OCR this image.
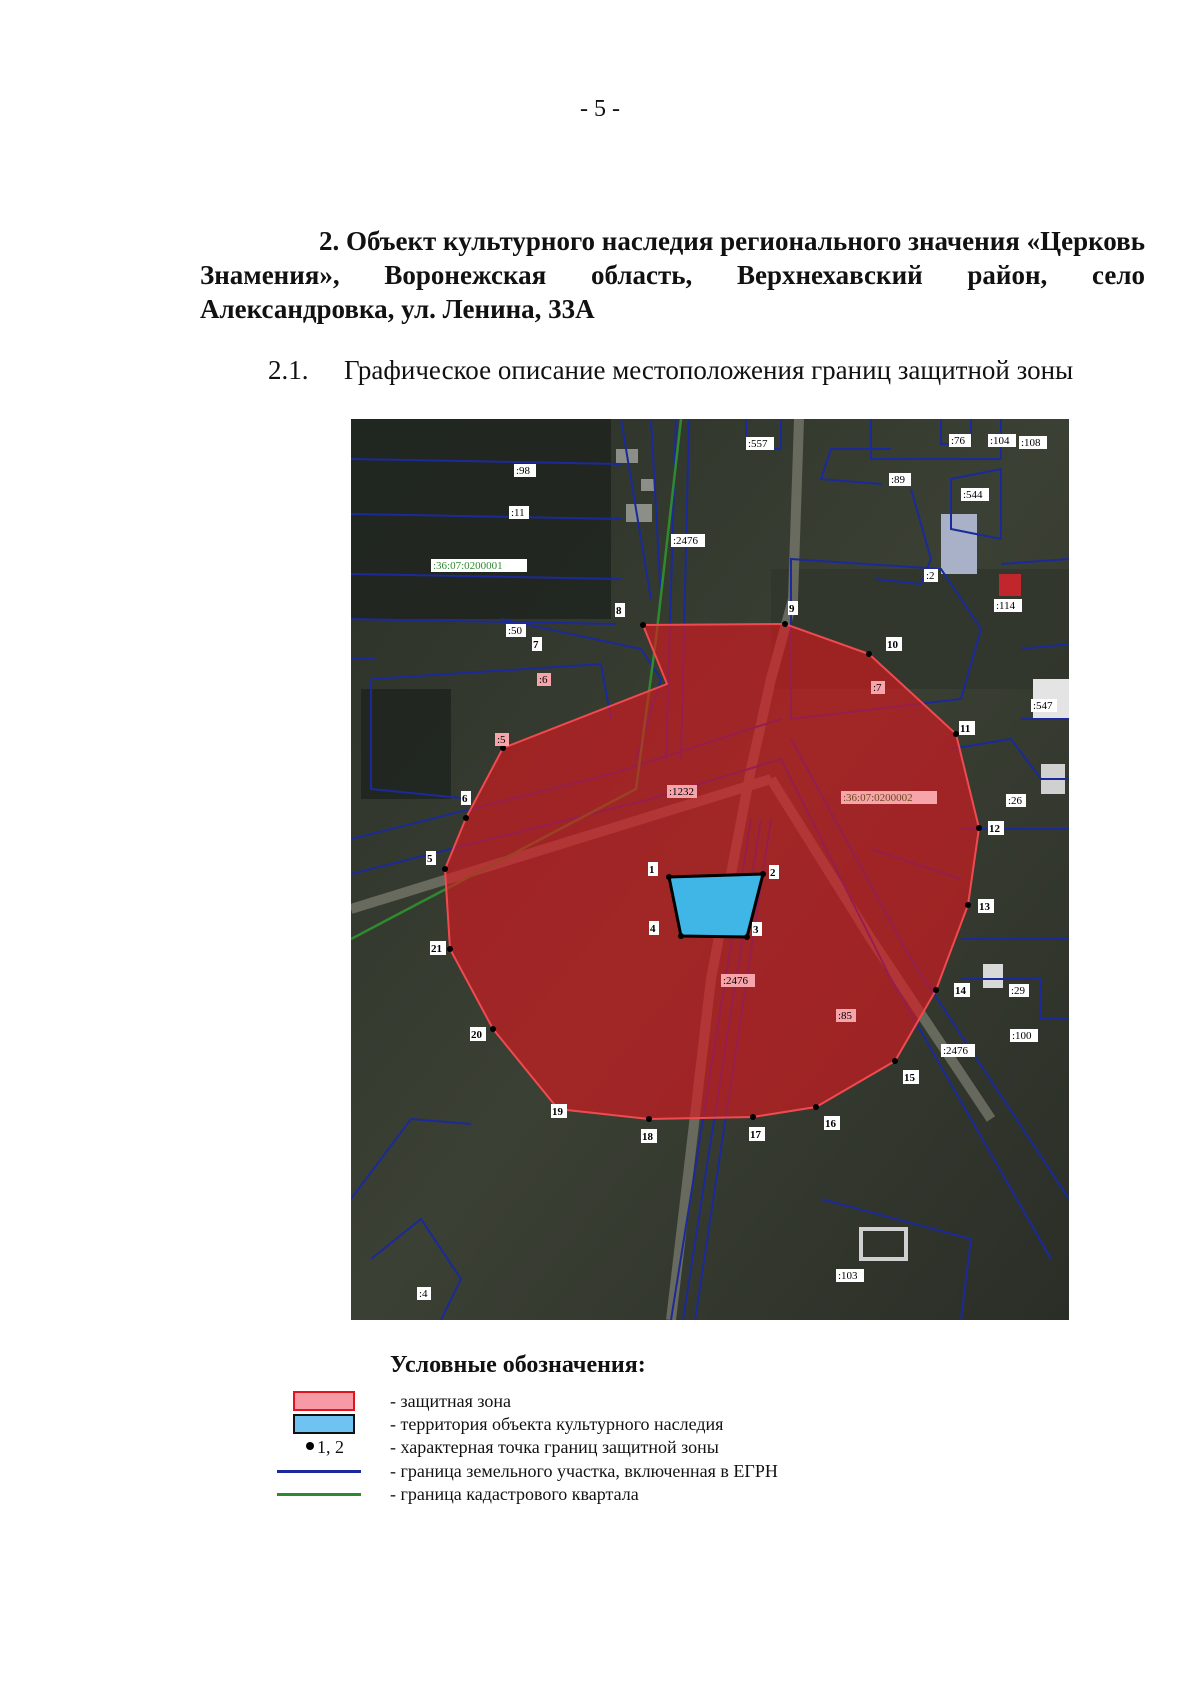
- 5 -
2. Объект культурного наследия регионального значения «Церковь
Знамения», Воронежская область, Верхнехавский район, село
Александровка, ул. Ленина, 33А
2.1. Графическое описание местоположения границ защитной зоны
1	2
3
4
5
6
7
8	9
10
11
12
13
14
15
16
17
18
19
20
21
:557	:76 :104 :108
:98
:89
:544
:11
:2476
:2
:114
:36:07:0200001
:50
:7
:6
:5
:547
:1232
:26
:36:07:0200002
:2476
:29
:85
:100
:2476
:103
:4
Условные обозначения:
- защитная зона
- территория объекта культурного наследия
1, 2	- характерная точка границ защитной зоны
- граница земельного участка, включенная в ЕГРН
- граница кадастрового квартала
